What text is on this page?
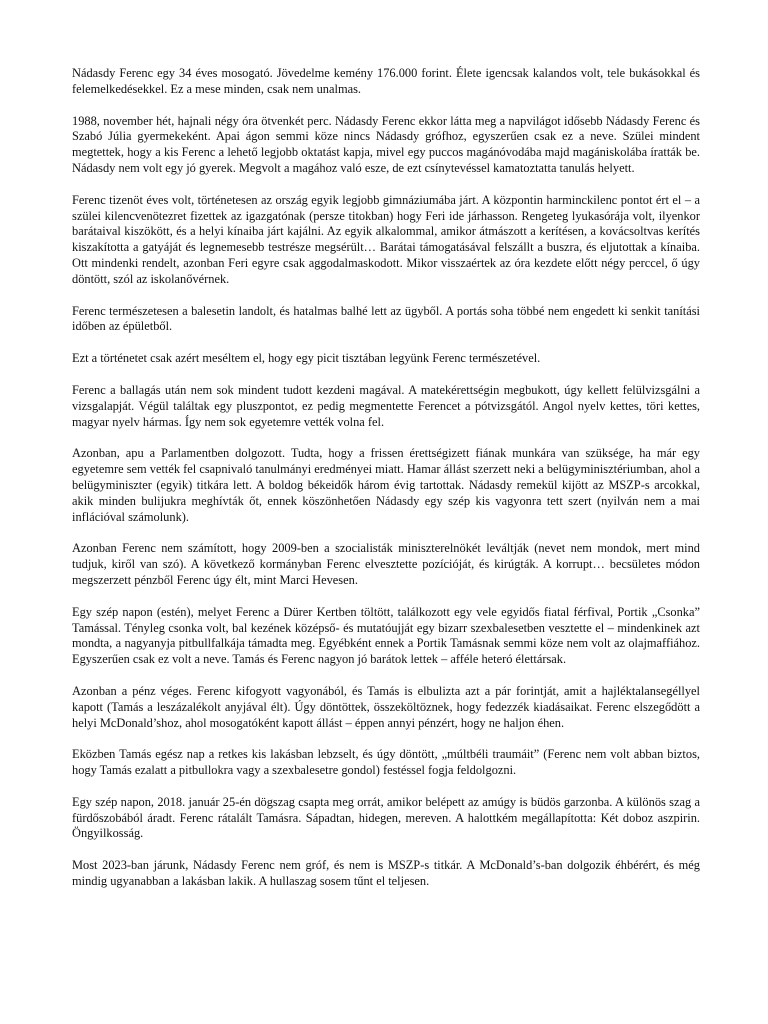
Nádasdy Ferenc egy 34 éves mosogató. Jövedelme kemény 176.000 forint. Élete igencsak kalandos volt, tele bukásokkal és felemelkedésekkel. Ez a mese minden, csak nem unalmas.

1988, november hét, hajnali négy óra ötvenkét perc. Nádasdy Ferenc ekkor látta meg a napvilágot idősebb Nádasdy Ferenc és Szabó Júlia gyermekeként. Apai ágon semmi köze nincs Nádasdy grófhoz, egyszerűen csak ez a neve. Szülei mindent megtettek, hogy a kis Ferenc a lehető legjobb oktatást kapja, mivel egy puccos magánóvodába majd magániskolába íratták be. Nádasdy nem volt egy jó gyerek. Megvolt a magához való esze, de ezt csínytevéssel kamatoztatta tanulás helyett.

Ferenc tizenöt éves volt, történetesen az ország egyik legjobb gimnáziumába járt. A központin harminckilenc pontot ért el – a szülei kilencvenötezret fizettek az igazgatónak (persze titokban) hogy Feri ide járhasson. Rengeteg lyukasórája volt, ilyenkor barátaival kiszökött, és a helyi kínaiba járt kajálni. Az egyik alkalommal, amikor átmászott a kerítésen, a kovácsoltvas kerítés kiszakította a gatyáját és legnemesebb testrésze megsérült… Barátai támogatásával felszállt a buszra, és eljutottak a kínaiba. Ott mindenki rendelt, azonban Feri egyre csak aggodalmaskodott. Mikor visszaértek az óra kezdete előtt négy perccel, ő úgy döntött, szól az iskolanővérnek.

Ferenc természetesen a balesetin landolt, és hatalmas balhé lett az ügyből. A portás soha többé nem engedett ki senkit tanítási időben az épületből.

Ezt a történetet csak azért meséltem el, hogy egy picit tisztában legyünk Ferenc természetével.

Ferenc a ballagás után nem sok mindent tudott kezdeni magával. A matekérettségin megbukott, úgy kellett felülvizsgálni a vizsgalapját. Végül találtak egy pluszpontot, ez pedig megmentette Ferencet a pótvizsgától. Angol nyelv kettes, töri kettes, magyar nyelv hármas. Így nem sok egyetemre vették volna fel.

Azonban, apu a Parlamentben dolgozott. Tudta, hogy a frissen érettségizett fiának munkára van szüksége, ha már egy egyetemre sem vették fel csapnivaló tanulmányi eredményei miatt. Hamar állást szerzett neki a belügyminisztériumban, ahol a belügyminiszter (egyik) titkára lett. A boldog békeidők három évig tartottak. Nádasdy remekül kijött az MSZP-s arcokkal, akik minden bulijukra meghívták őt, ennek köszönhetően Nádasdy egy szép kis vagyonra tett szert (nyilván nem a mai inflációval számolunk).

Azonban Ferenc nem számított, hogy 2009-ben a szocialisták miniszterelnökét leváltják (nevet nem mondok, mert mind tudjuk, kiről van szó). A következő kormányban Ferenc elvesztette pozícióját, és kirúgták. A korrupt… becsületes módon megszerzett pénzből Ferenc úgy élt, mint Marci Hevesen.

Egy szép napon (estén), melyet Ferenc a Dürer Kertben töltött, találkozott egy vele egyidős fiatal férfival, Portik „Csonka” Tamással. Tényleg csonka volt, bal kezének középső- és mutatóujját egy bizarr szexbalesetben vesztette el – mindenkinek azt mondta, a nagyanyja pitbullfalkája támadta meg. Egyébként ennek a Portik Tamásnak semmi köze nem volt az olajmaffiához. Egyszerűen csak ez volt a neve. Tamás és Ferenc nagyon jó barátok lettek – afféle heteró élettársak.

Azonban a pénz véges. Ferenc kifogyott vagyonából, és Tamás is elbulizta azt a pár forintját, amit a hajléktalansegéllyel kapott (Tamás a leszázalékolt anyjával élt). Úgy döntöttek, összeköltöznek, hogy fedezzék kiadásaikat. Ferenc elszegődött a helyi McDonald’shoz, ahol mosogatóként kapott állást – éppen annyi pénzért, hogy ne haljon éhen.

Eközben Tamás egész nap a retkes kis lakásban lebzselt, és úgy döntött, „múltbéli traumáit” (Ferenc nem volt abban biztos, hogy Tamás ezalatt a pitbullokra vagy a szexbalesetre gondol) festéssel fogja feldolgozni.

Egy szép napon, 2018. január 25-én dögszag csapta meg orrát, amikor belépett az amúgy is büdös garzonba. A különös szag a fürdőszobából áradt. Ferenc rátalált Tamásra. Sápadtan, hidegen, mereven. A halottkém megállapította: Két doboz aszpirin. Öngyilkosság.

Most 2023-ban járunk, Nádasdy Ferenc nem gróf, és nem is MSZP-s titkár. A McDonald’s-ban dolgozik éhbérért, és még mindig ugyanabban a lakásban lakik. A hullaszag sosem tűnt el teljesen.
